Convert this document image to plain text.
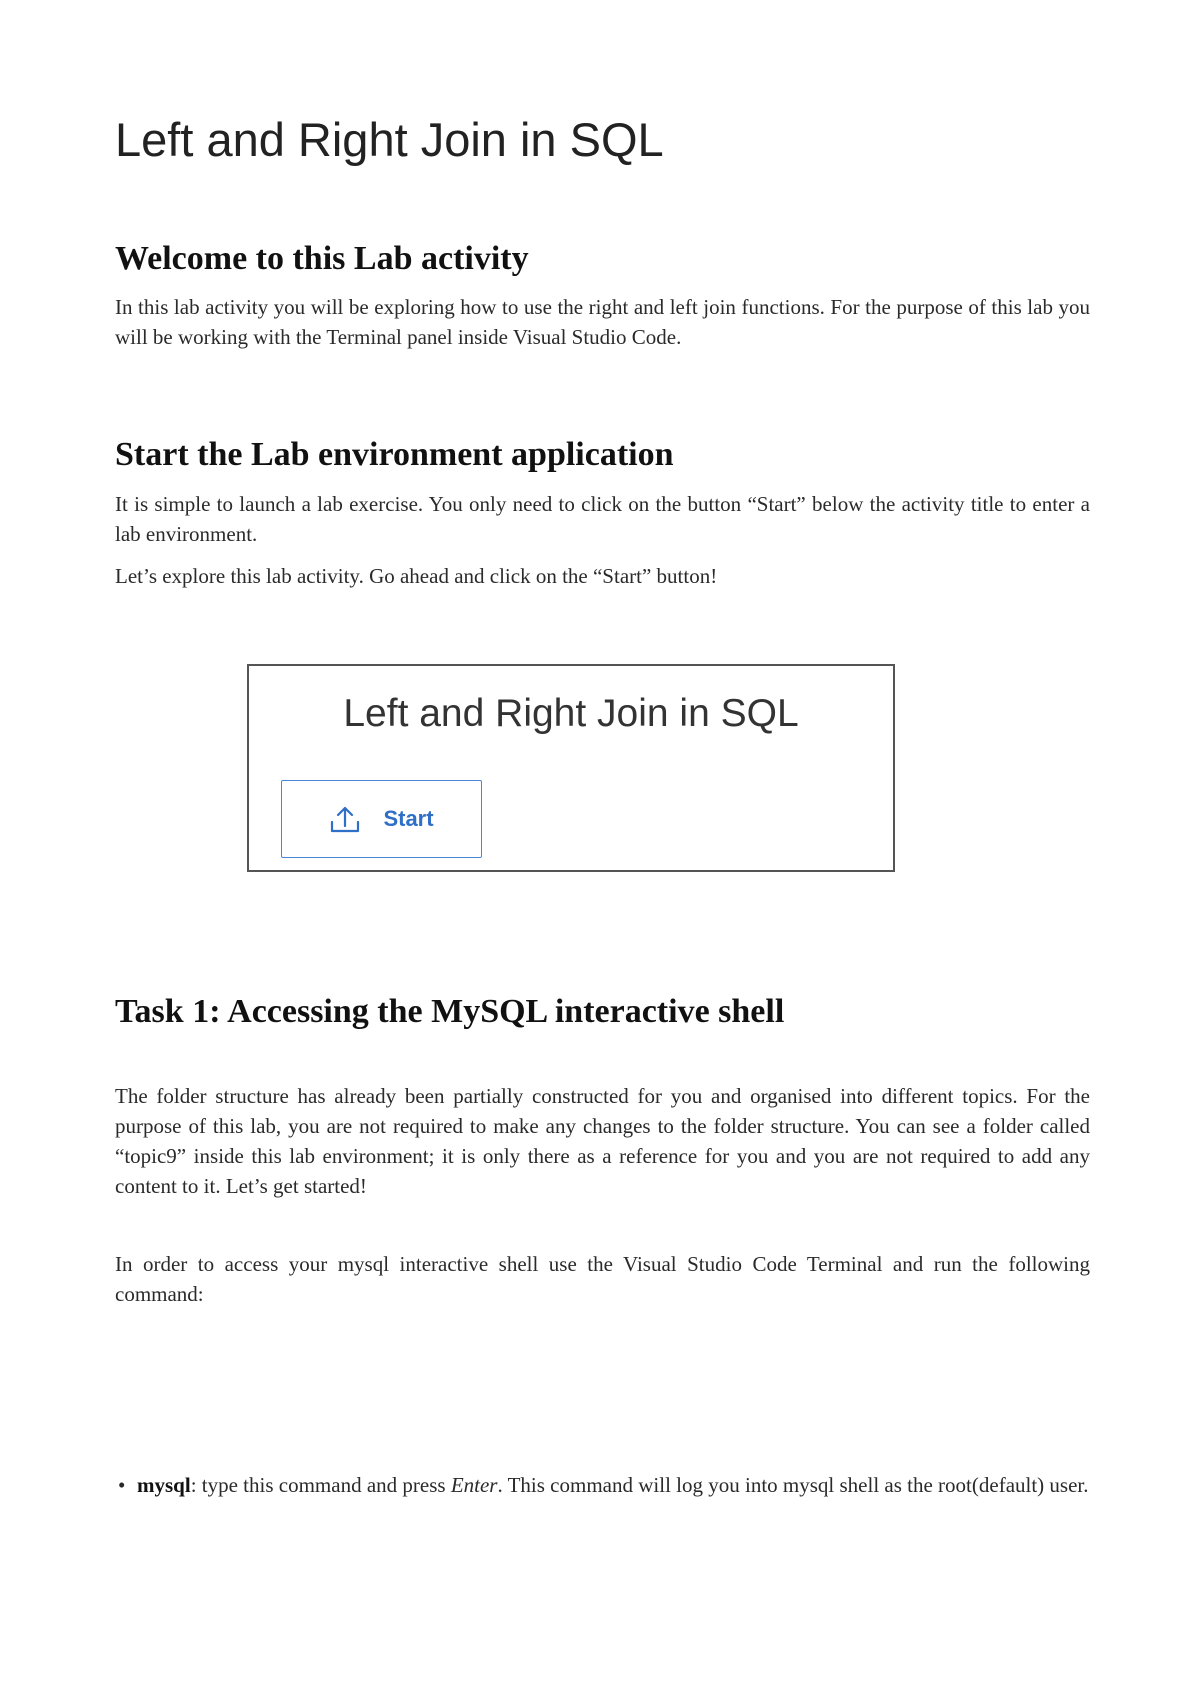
Left and Right Join in SQL
Welcome to this Lab activity

In this lab activity you will be exploring how to use the right and left join functions. For the purpose of this lab you will be working with the Terminal panel inside Visual Studio Code.

Start the Lab environment application

It is simple to launch a lab exercise. You only need to click on the button “Start” below the activity title to enter a lab environment.

Let’s explore this lab activity. Go ahead and click on the “Start” button!

Left and Right Join in SQL
Start
Task 1: Accessing the MySQL interactive shell

The folder structure has already been partially constructed for you and organised into different topics. For the purpose of this lab, you are not required to make any changes to the folder structure. You can see a folder called “topic9” inside this lab environment; it is only there as a reference for you and you are not required to add any content to it. Let’s get started!

In order to access your mysql interactive shell use the Visual Studio Code Terminal and run the following command:

• mysql: type this command and press Enter. This command will log you into mysql shell as the root(default) user.
